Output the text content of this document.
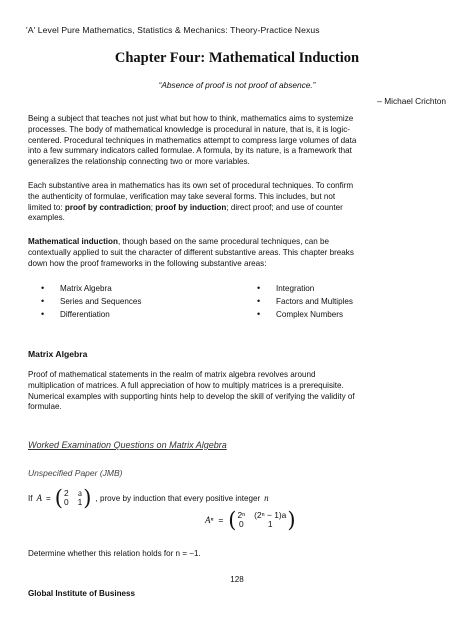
'A' Level Pure Mathematics, Statistics & Mechanics: Theory-Practice Nexus
Chapter Four: Mathematical Induction
“Absence of proof is not proof of absence.”
– Michael Crichton
Being a subject that teaches not just what but how to think, mathematics aims to systemize
processes. The body of mathematical knowledge is procedural in nature, that is, it is logic-
centered. Procedural techniques in mathematics attempt to compress large volumes of data
into a few summary indicators called formulae. A formula, by its nature, is a framework that
generalizes the relationship connecting two or more variables.
Each substantive area in mathematics has its own set of procedural techniques. To confirm
the authenticity of formulae, verification may take several forms. This includes, but not
limited to: proof by contradiction; proof by induction; direct proof; and use of counter
examples.
Mathematical induction, though based on the same procedural techniques, can be
contextually applied to suit the character of different substantive areas. This chapter breaks
down how the proof frameworks in the following substantive areas:
• Matrix Algebra
• Series and Sequences
• Differentiation
• Integration
• Factors and Multiples
• Complex Numbers
Matrix Algebra
Proof of mathematical statements in the realm of matrix algebra revolves around
multiplication of matrices. A full appreciation of how to multiply matrices is a prerequisite.
Numerical examples with supporting hints help to develop the skill of verifying the validity of
formulae.
Worked Examination Questions on Matrix Algebra
Unspecified Paper (JMB)
If A = ( 2 a
0 1 ) , prove by induction that every positive integer n
Aⁿ = ( 2ⁿ (2ⁿ − 1)a
0	1 )
Determine whether this relation holds for n = −1.
128
Global Institute of Business
